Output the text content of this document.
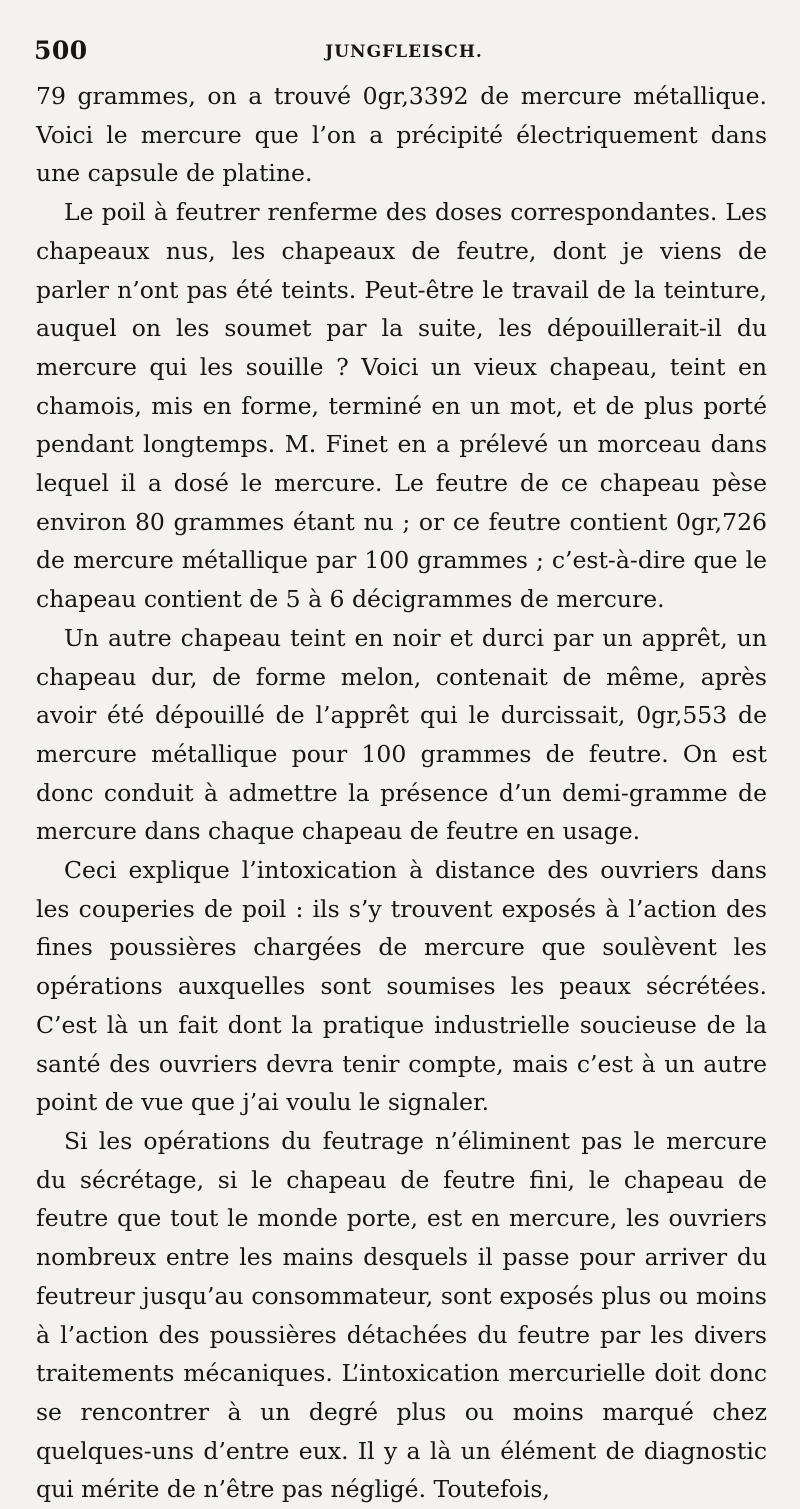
500	JUNGFLEISCH.

79 grammes, on a trouvé 0gr,3392 de mercure métallique. Voici le mercure que l’on a précipité électriquement dans une capsule de platine.

Le poil à feutrer renferme des doses correspondantes. Les chapeaux nus, les chapeaux de feutre, dont je viens de parler n’ont pas été teints. Peut-être le travail de la teinture, auquel on les soumet par la suite, les dépouillerait-il du mercure qui les souille ? Voici un vieux chapeau, teint en chamois, mis en forme, terminé en un mot, et de plus porté pendant longtemps. M. Finet en a prélevé un morceau dans lequel il a dosé le mercure. Le feutre de ce chapeau pèse environ 80 grammes étant nu ; or ce feutre contient 0gr,726 de mercure métallique par 100 grammes ; c’est-à-dire que le chapeau contient de 5 à 6 décigrammes de mercure.

Un autre chapeau teint en noir et durci par un apprêt, un chapeau dur, de forme melon, contenait de même, après avoir été dépouillé de l’apprêt qui le durcissait, 0gr,553 de mercure métallique pour 100 grammes de feutre. On est donc conduit à admettre la présence d’un demi-gramme de mercure dans chaque chapeau de feutre en usage.

Ceci explique l’intoxication à distance des ouvriers dans les couperies de poil : ils s’y trouvent exposés à l’action des fines poussières chargées de mercure que soulèvent les opérations auxquelles sont soumises les peaux sécrétées. C’est là un fait dont la pratique industrielle soucieuse de la santé des ouvriers devra tenir compte, mais c’est à un autre point de vue que j’ai voulu le signaler.

Si les opérations du feutrage n’éliminent pas le mercure du sécrétage, si le chapeau de feutre fini, le chapeau de feutre que tout le monde porte, est en mercure, les ouvriers nombreux entre les mains desquels il passe pour arriver du feutreur jusqu’au consommateur, sont exposés plus ou moins à l’action des poussières détachées du feutre par les divers traitements mécaniques. L’intoxication mercurielle doit donc se rencontrer à un degré plus ou moins marqué chez quelques-uns d’entre eux. Il y a là un élément de diagnostic qui mérite de n’être pas négligé. Toutefois,
